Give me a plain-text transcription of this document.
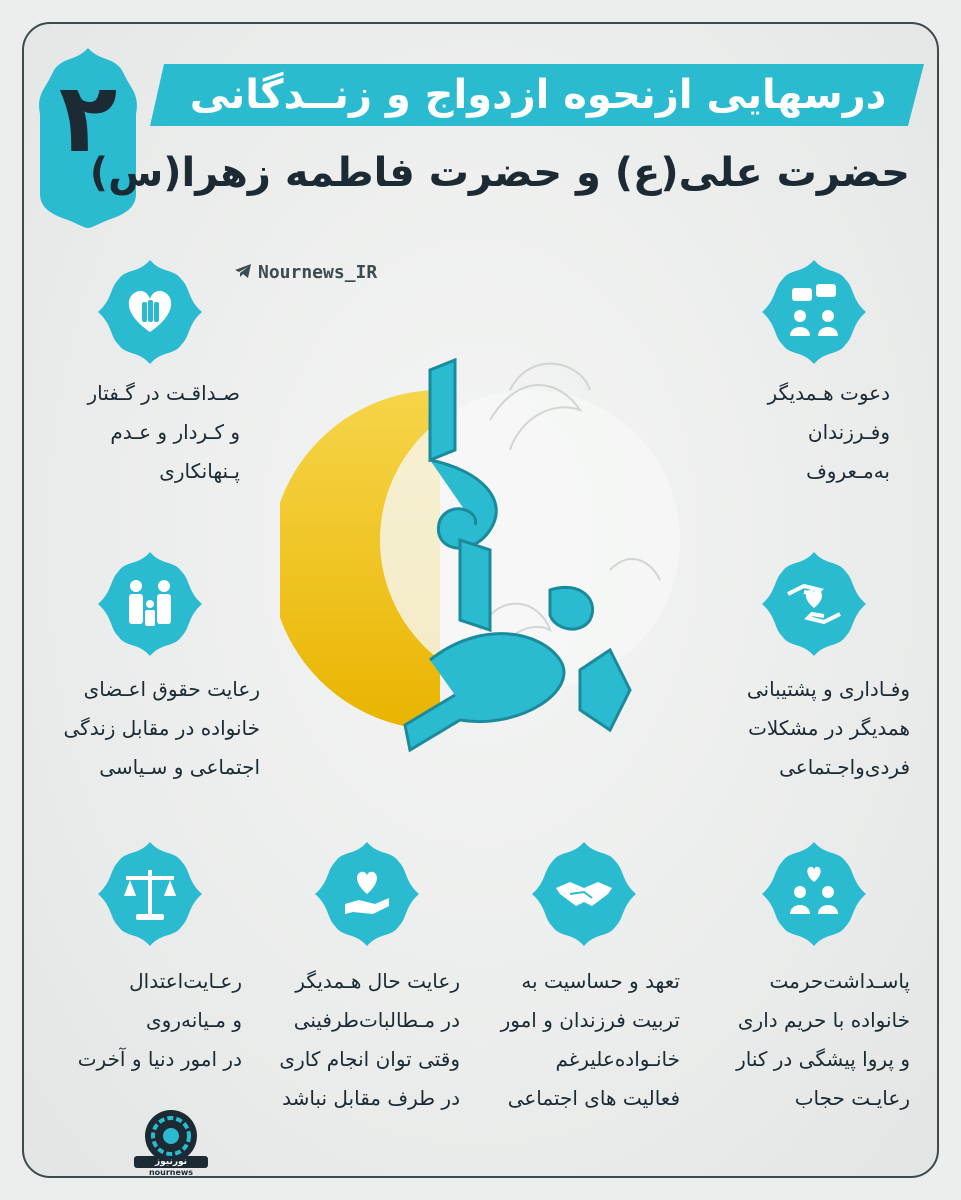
۲	درسهایی ازنحوه ازدواج و زنــدگانی
حضرت علی(ع) و حضرت فاطمه زهرا(س)
Nournews_IR
صـداقـت در گـفتار
و کـردار و عـدم
پـنهانکاری
دعوت هـمدیگر
وفـرزندان
به‌مـعروف
رعایت حقوق اعـضای
خانواده در مقابل زندگی
اجتماعی و سـیاسی
وفـاداری و پشتیبانی
همدیگر در مشکلات
فردی‌واجـتماعی
رعـایت‌اعتدال
و مـیانه‌روی
در امور دنیا و آخرت
رعایت حال هـمدیگر
در مـطالبات‌طرفینی
وقتی توان انجام کاری
در طرف مقابل نباشد
تعهد و حساسیت به
تربیت فرزندان و امور
خانـواده‌علیرغم
فعالیت های اجتماعی
پاسـداشت‌حرمت
خانواده با حریم داری
و پروا پیشگی در کنار
رعایـت حجاب
نورنیوز
nournews
